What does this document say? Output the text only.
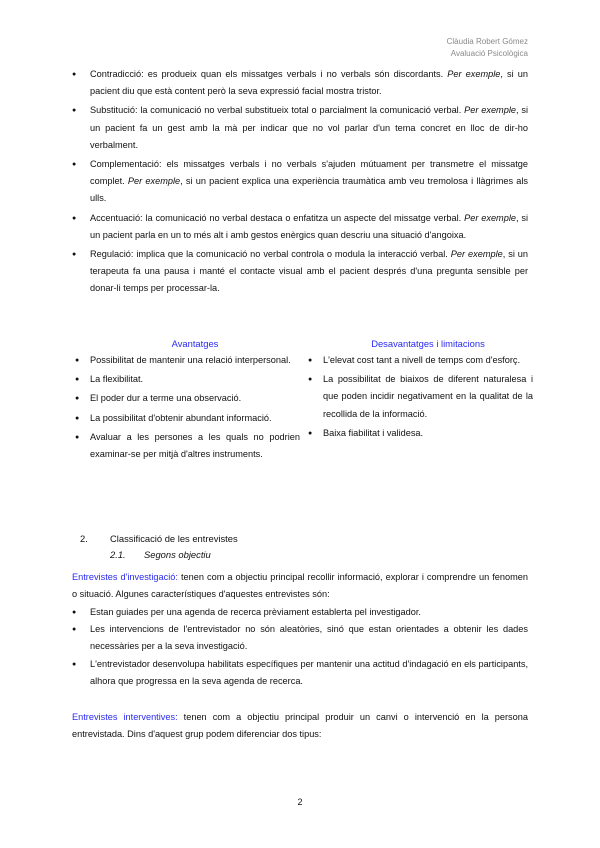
Clàudia Robert Gómez
Avaluació Psicològica
● Contradicció: es produeix quan els missatges verbals i no verbals són discordants. Per exemple, si un pacient diu que està content però la seva expressió facial mostra tristor.
● Substitució: la comunicació no verbal substitueix total o parcialment la comunicació verbal. Per exemple, si un pacient fa un gest amb la mà per indicar que no vol parlar d'un tema concret en lloc de dir-ho verbalment.
● Complementació: els missatges verbals i no verbals s'ajuden mútuament per transmetre el missatge complet. Per exemple, si un pacient explica una experiència traumàtica amb veu tremolosa i llàgrimes als ulls.
● Accentuació: la comunicació no verbal destaca o enfatitza un aspecte del missatge verbal. Per exemple, si un pacient parla en un to més alt i amb gestos enèrgics quan descriu una situació d'angoixa.
● Regulació: implica que la comunicació no verbal controla o modula la interacció verbal. Per exemple, si un terapeuta fa una pausa i manté el contacte visual amb el pacient després d'una pregunta sensible per donar-li temps per processar-la.
Avantatges
● Possibilitat de mantenir una relació interpersonal.
● La flexibilitat.
● El poder dur a terme una observació.
● La possibilitat d'obtenir abundant informació.
● Avaluar a les persones a les quals no podrien examinar-se per mitjà d'altres instruments.
Desavantatges i limitacions
● L'elevat cost tant a nivell de temps com d'esforç.
● La possibilitat de biaixos de diferent naturalesa i que poden incidir negativament en la qualitat de la recollida de la informació.
● Baixa fiabilitat i validesa.
2. Classificació de les entrevistes
2.1. Segons objectiu

Entrevistes d'investigació: tenen com a objectiu principal recollir informació, explorar i comprendre un fenomen o situació. Algunes característiques d'aquestes entrevistes són:

● Estan guiades per una agenda de recerca prèviament establerta pel investigador.
● Les intervencions de l'entrevistador no són aleatòries, sinó que estan orientades a obtenir les dades necessàries per a la seva investigació.
● L'entrevistador desenvolupa habilitats específiques per mantenir una actitud d'indagació en els participants, alhora que progressa en la seva agenda de recerca.

Entrevistes interventives: tenen com a objectiu principal produir un canvi o intervenció en la persona entrevistada. Dins d'aquest grup podem diferenciar dos tipus:

2
